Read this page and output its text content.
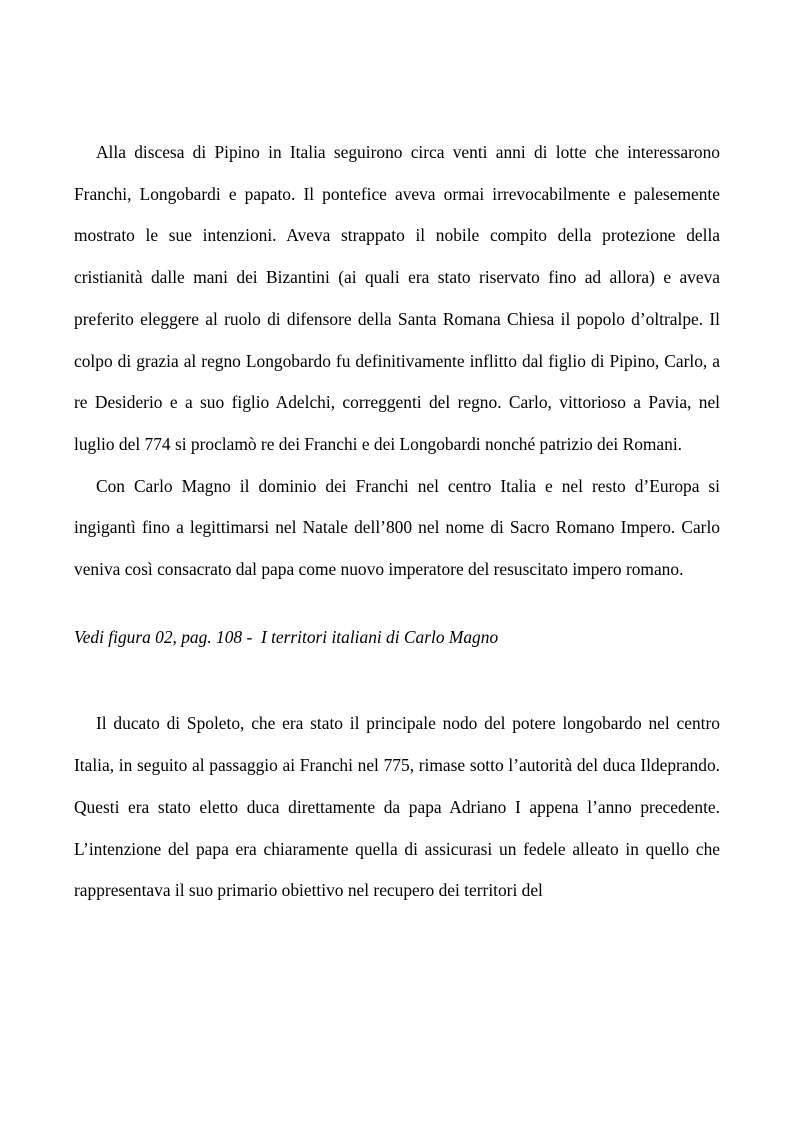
Alla discesa di Pipino in Italia seguirono circa venti anni di lotte che interessarono Franchi, Longobardi e papato. Il pontefice aveva ormai irrevocabilmente e palesemente mostrato le sue intenzioni. Aveva strappato il nobile compito della protezione della cristianità dalle mani dei Bizantini (ai quali era stato riservato fino ad allora) e aveva preferito eleggere al ruolo di difensore della Santa Romana Chiesa il popolo d’oltralpe. Il colpo di grazia al regno Longobardo fu definitivamente inflitto dal figlio di Pipino, Carlo, a re Desiderio e a suo figlio Adelchi, correggenti del regno. Carlo, vittorioso a Pavia, nel luglio del 774 si proclamò re dei Franchi e dei Longobardi nonché patrizio dei Romani.

Con Carlo Magno il dominio dei Franchi nel centro Italia e nel resto d’Europa si ingigantì fino a legittimarsi nel Natale dell’800 nel nome di Sacro Romano Impero. Carlo veniva così consacrato dal papa come nuovo imperatore del resuscitato impero romano.

Vedi figura 02, pag. 108 -  I territori italiani di Carlo Magno

Il ducato di Spoleto, che era stato il principale nodo del potere longobardo nel centro Italia, in seguito al passaggio ai Franchi nel 775, rimase sotto l’autorità del duca Ildeprando. Questi era stato eletto duca direttamente da papa Adriano I appena l’anno precedente. L’intenzione del papa era chiaramente quella di assicurasi un fedele alleato in quello che rappresentava il suo primario obiettivo nel recupero dei territori del
